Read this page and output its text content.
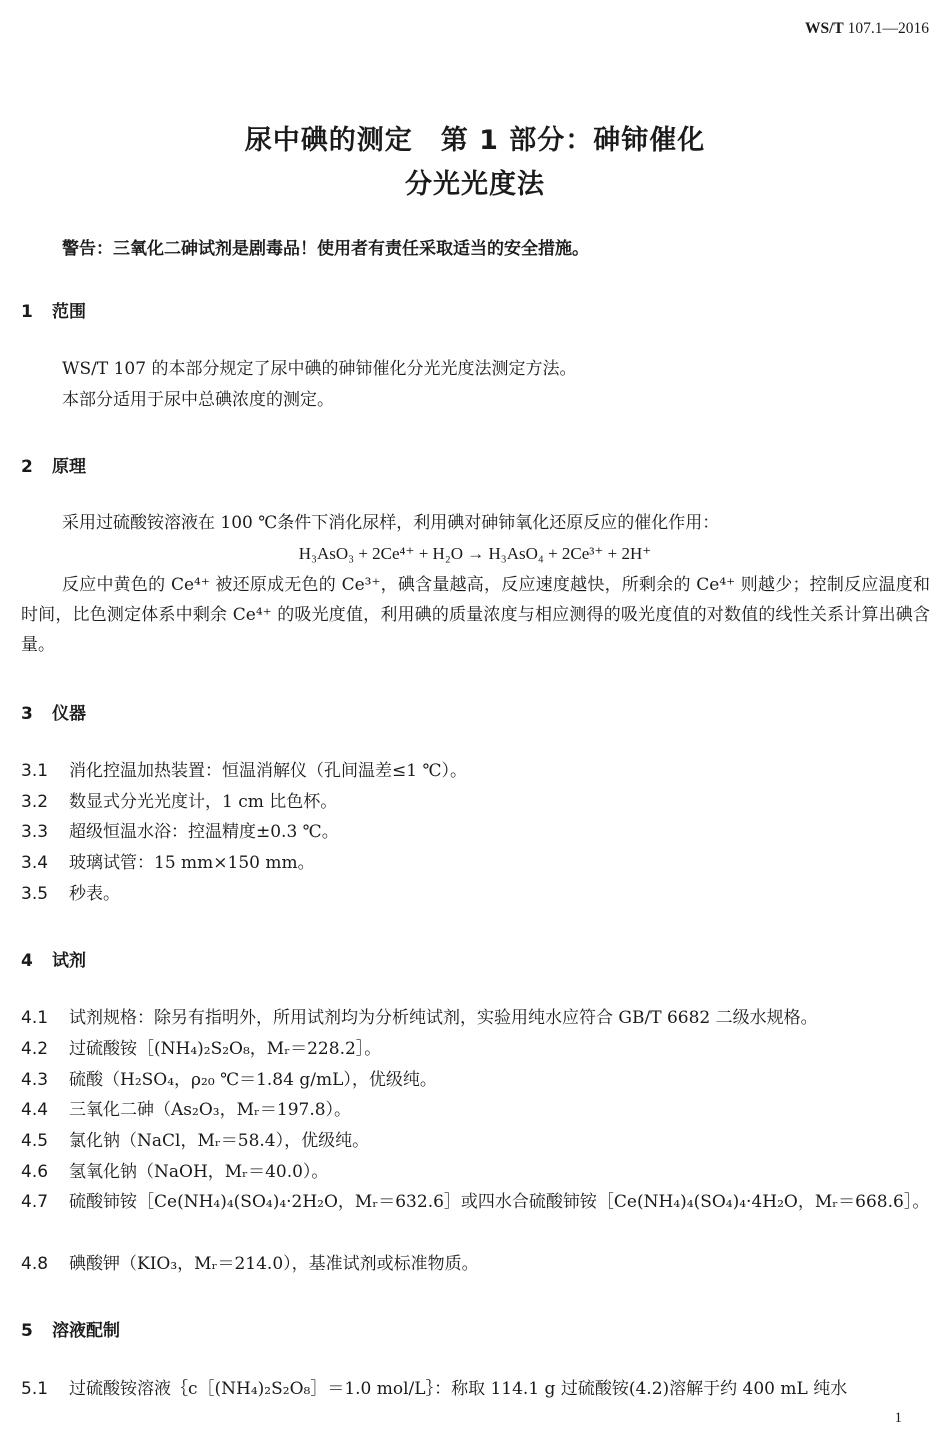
WS/T 107.1—2016
尿中碘的测定　第 1 部分：砷铈催化
分光光度法
警告：三氧化二砷试剂是剧毒品！使用者有责任采取适当的安全措施。
1 范围
WS/T 107 的本部分规定了尿中碘的砷铈催化分光光度法测定方法。
本部分适用于尿中总碘浓度的测定。
2 原理
采用过硫酸铵溶液在 100 ℃条件下消化尿样，利用碘对砷铈氧化还原反应的催化作用：
H₃AsO₃ + 2Ce⁴⁺ + H₂O → H₃AsO₄ + 2Ce³⁺ + 2H⁺
反应中黄色的 Ce⁴⁺ 被还原成无色的 Ce³⁺，碘含量越高，反应速度越快，所剩余的 Ce⁴⁺ 则越少；控制反应温度和时间，比色测定体系中剩余 Ce⁴⁺ 的吸光度值，利用碘的质量浓度与相应测得的吸光度值的对数值的线性关系计算出碘含量。
3 仪器
3.1 消化控温加热装置：恒温消解仪（孔间温差≤1 ℃）。
3.2 数显式分光光度计，1 cm 比色杯。
3.3 超级恒温水浴：控温精度±0.3 ℃。
3.4 玻璃试管：15 mm×150 mm。
3.5 秒表。
4 试剂
4.1 试剂规格：除另有指明外，所用试剂均为分析纯试剂，实验用纯水应符合 GB/T 6682 二级水规格。
4.2 过硫酸铵［(NH₄)₂S₂O₈，Mᵣ＝228.2］。
4.3 硫酸（H₂SO₄，ρ₂₀ ℃＝1.84 g/mL），优级纯。
4.4 三氧化二砷（As₂O₃，Mᵣ＝197.8）。
4.5 氯化钠（NaCl，Mᵣ＝58.4），优级纯。
4.6 氢氧化钠（NaOH，Mᵣ＝40.0）。
4.7 硫酸铈铵［Ce(NH₄)₄(SO₄)₄·2H₂O，Mᵣ＝632.6］或四水合硫酸铈铵［Ce(NH₄)₄(SO₄)₄·4H₂O，Mᵣ＝668.6］。
4.8 碘酸钾（KIO₃，Mᵣ＝214.0），基准试剂或标准物质。
5 溶液配制
5.1 过硫酸铵溶液｛c［(NH₄)₂S₂O₈］＝1.0 mol/L｝：称取 114.1 g 过硫酸铵(4.2)溶解于约 400 mL 纯水
1
